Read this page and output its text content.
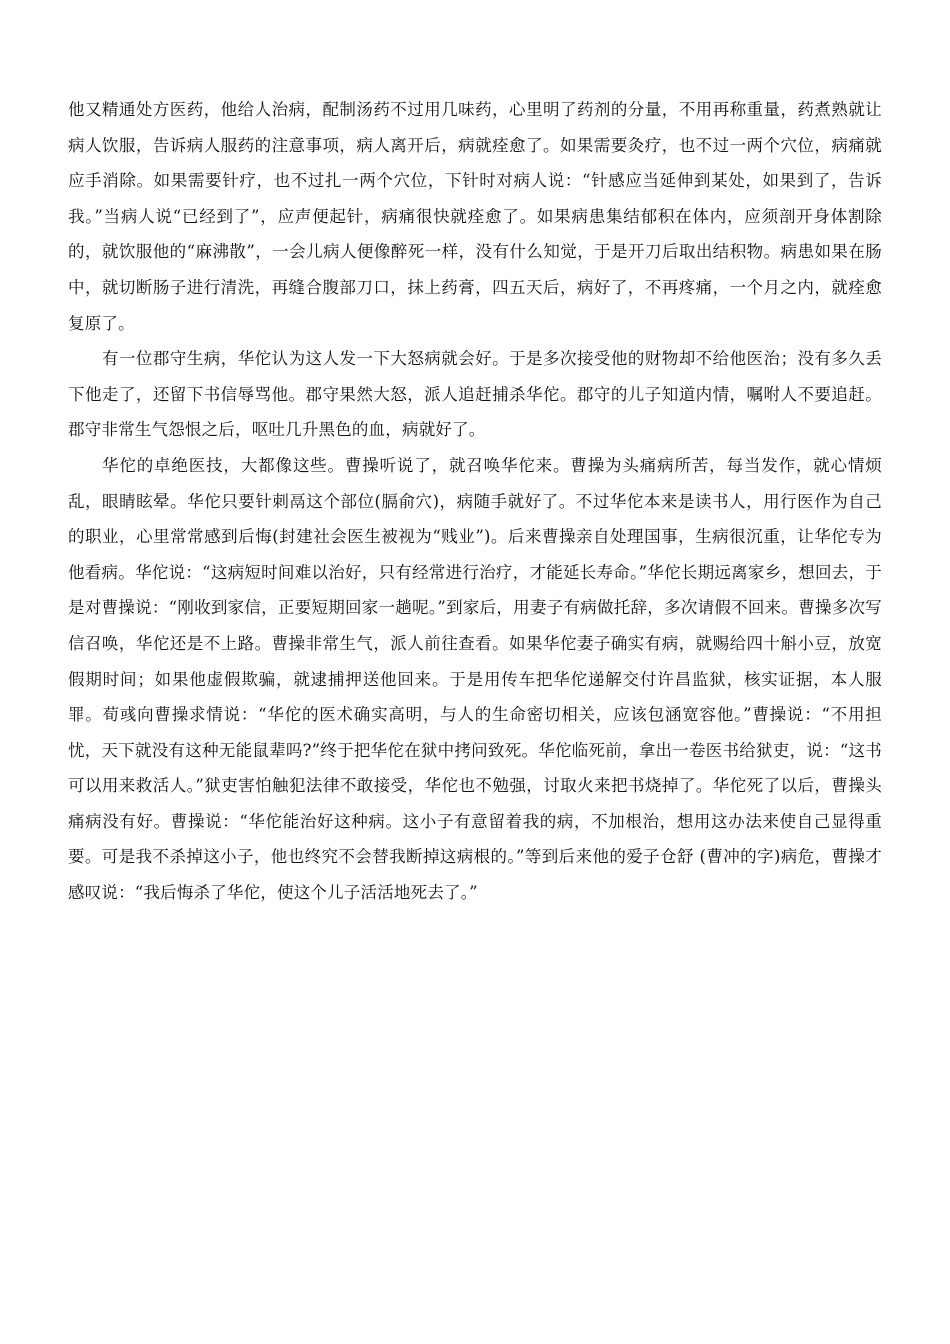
他又精通处方医药，他给人治病，配制汤药不过用几味药，心里明了药剂的分量，不用再称重量，药煮熟就让病人饮服，告诉病人服药的注意事项，病人离开后，病就痊愈了。如果需要灸疗，也不过一两个穴位，病痛就应手消除。如果需要针疗，也不过扎一两个穴位，下针时对病人说：“针感应当延伸到某处，如果到了，告诉我。”当病人说“已经到了”，应声便起针，病痛很快就痊愈了。如果病患集结郁积在体内，应须剖开身体割除的，就饮服他的“麻沸散”，一会儿病人便像醉死一样，没有什么知觉，于是开刀后取出结积物。病患如果在肠中，就切断肠子进行清洗，再缝合腹部刀口，抹上药膏，四五天后，病好了，不再疼痛，一个月之内，就痊愈复原了。

有一位郡守生病，华佗认为这人发一下大怒病就会好。于是多次接受他的财物却不给他医治；没有多久丢下他走了，还留下书信辱骂他。郡守果然大怒，派人追赶捕杀华佗。郡守的儿子知道内情，嘱咐人不要追赶。郡守非常生气怨恨之后，呕吐几升黑色的血，病就好了。

华佗的卓绝医技，大都像这些。曹操听说了，就召唤华佗来。曹操为头痛病所苦，每当发作，就心情烦乱，眼睛眩晕。华佗只要针刺鬲这个部位(膈俞穴)，病随手就好了。不过华佗本来是读书人，用行医作为自己的职业，心里常常感到后悔(封建社会医生被视为“贱业”)。后来曹操亲自处理国事，生病很沉重，让华佗专为他看病。华佗说：“这病短时间难以治好，只有经常进行治疗，才能延长寿命。”华佗长期远离家乡，想回去，于是对曹操说：“刚收到家信，正要短期回家一趟呢。”到家后，用妻子有病做托辞，多次请假不回来。曹操多次写信召唤，华佗还是不上路。曹操非常生气，派人前往查看。如果华佗妻子确实有病，就赐给四十斛小豆，放宽假期时间；如果他虚假欺骗，就逮捕押送他回来。于是用传车把华佗递解交付许昌监狱，核实证据，本人服罪。荀彧向曹操求情说：“华佗的医术确实高明，与人的生命密切相关，应该包涵宽容他。”曹操说：“不用担忧，天下就没有这种无能鼠辈吗?”终于把华佗在狱中拷问致死。华佗临死前，拿出一卷医书给狱吏，说：“这书可以用来救活人。”狱吏害怕触犯法律不敢接受，华佗也不勉强，讨取火来把书烧掉了。华佗死了以后，曹操头痛病没有好。曹操说：“华佗能治好这种病。这小子有意留着我的病，不加根治，想用这办法来使自己显得重要。可是我不杀掉这小子，他也终究不会替我断掉这病根的。”等到后来他的爱子仓舒 (曹冲的字)病危，曹操才感叹说：“我后悔杀了华佗，使这个儿子活活地死去了。”
